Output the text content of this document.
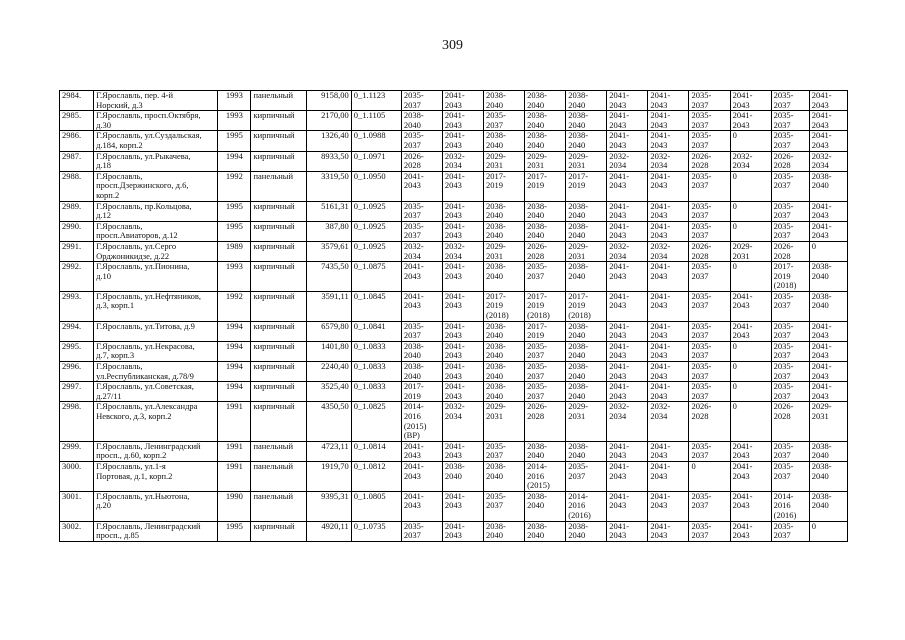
309
2984.	Г.Ярославль, пер. 4-й
Норский, д.3	1993	панельный	9158,00	0_1.1123	2035-
2037	2041-
2043	2038-
2040	2038-
2040	2038-
2040	2041-
2043	2041-
2043	2035-
2037	2041-
2043	2035-
2037	2041-
2043
2985.	Г.Ярославль, просп.Октября,
д.30	1993	кирпичный	2170,00	0_1.1105	2038-
2040	2041-
2043	2035-
2037	2038-
2040	2038-
2040	2041-
2043	2041-
2043	2035-
2037	2041-
2043	2035-
2037	2041-
2043
2986.	Г.Ярославль, ул.Суздальская,
д.184, корп.2	1995	кирпичный	1326,40	0_1.0988	2035-
2037	2041-
2043	2038-
2040	2038-
2040	2038-
2040	2041-
2043	2041-
2043	2035-
2037	0	2035-
2037	2041-
2043
2987.	Г.Ярославль, ул.Рыкачева,
д.18	1994	кирпичный	8933,50	0_1.0971	2026-
2028	2032-
2034	2029-
2031	2029-
2031	2029-
2031	2032-
2034	2032-
2034	2026-
2028	2032-
2034	2026-
2028	2032-
2034
2988.	Г.Ярославль,
просп.Дзержинского, д.6,
корп.2	1992	панельный	3319,50	0_1.0950	2041-
2043	2041-
2043	2017-
2019	2017-
2019	2017-
2019	2041-
2043	2041-
2043	2035-
2037	0	2035-
2037	2038-
2040
2989.	Г.Ярославль, пр.Кольцова,
д.12	1995	кирпичный	5161,31	0_1.0925	2035-
2037	2041-
2043	2038-
2040	2038-
2040	2038-
2040	2041-
2043	2041-
2043	2035-
2037	0	2035-
2037	2041-
2043
2990.	Г.Ярославль,
просп.Авиаторов, д.12	1995	кирпичный	387,80	0_1.0925	2035-
2037	2041-
2043	2038-
2040	2038-
2040	2038-
2040	2041-
2043	2041-
2043	2035-
2037	0	2035-
2037	2041-
2043
2991.	Г.Ярославль, ул.Серго
Орджоникидзе, д.22	1989	кирпичный	3579,61	0_1.0925	2032-
2034	2032-
2034	2029-
2031	2026-
2028	2029-
2031	2032-
2034	2032-
2034	2026-
2028	2029-
2031	2026-
2028	0
2992.	Г.Ярославль, ул.Пионина,
д.10	1993	кирпичный	7435,50	0_1.0875	2041-
2043	2041-
2043	2038-
2040	2035-
2037	2038-
2040	2041-
2043	2041-
2043	2035-
2037	0	2017-
2019
(2018)	2038-
2040
2993.	Г.Ярославль, ул.Нефтяников,
д.3, корп.1	1992	кирпичный	3591,11	0_1.0845	2041-
2043	2041-
2043	2017-
2019
(2018)	2017-
2019
(2018)	2017-
2019
(2018)	2041-
2043	2041-
2043	2035-
2037	2041-
2043	2035-
2037	2038-
2040
2994.	Г.Ярославль, ул.Титова, д.9	1994	кирпичный	6579,80	0_1.0841	2035-
2037	2041-
2043	2038-
2040	2017-
2019	2038-
2040	2041-
2043	2041-
2043	2035-
2037	2041-
2043	2035-
2037	2041-
2043
2995.	Г.Ярославль, ул.Некрасова,
д.7, корп.3	1994	кирпичный	1401,80	0_1.0833	2038-
2040	2041-
2043	2038-
2040	2035-
2037	2038-
2040	2041-
2043	2041-
2043	2035-
2037	0	2035-
2037	2041-
2043
2996.	Г.Ярославль,
ул.Республиканская, д.78/9	1994	кирпичный	2240,40	0_1.0833	2038-
2040	2041-
2043	2038-
2040	2035-
2037	2038-
2040	2041-
2043	2041-
2043	2035-
2037	0	2035-
2037	2041-
2043
2997.	Г.Ярославль, ул.Советская,
д.27/11	1994	кирпичный	3525,40	0_1.0833	2017-
2019	2041-
2043	2038-
2040	2035-
2037	2038-
2040	2041-
2043	2041-
2043	2035-
2037	0	2035-
2037	2041-
2043
2998.	Г.Ярославль, ул.Александра
Невского, д.3, корп.2	1991	кирпичный	4350,50	0_1.0825	2014-
2016
(2015)
(ВР)	2032-
2034	2029-
2031	2026-
2028	2029-
2031	2032-
2034	2032-
2034	2026-
2028	0	2026-
2028	2029-
2031
2999.	Г.Ярославль, Ленинградский
просп., д.60, корп.2	1991	панельный	4723,11	0_1.0814	2041-
2043	2041-
2043	2035-
2037	2038-
2040	2038-
2040	2041-
2043	2041-
2043	2035-
2037	2041-
2043	2035-
2037	2038-
2040
3000.	Г.Ярославль, ул.1-я
Портовая, д.1, корп.2	1991	панельный	1919,70	0_1.0812	2041-
2043	2038-
2040	2038-
2040	2014-
2016
(2015)	2035-
2037	2041-
2043	2041-
2043	0	2041-
2043	2035-
2037	2038-
2040
3001.	Г.Ярославль, ул.Ньютона,
д.20	1990	панельный	9395,31	0_1.0805	2041-
2043	2041-
2043	2035-
2037	2038-
2040	2014-
2016
(2016)	2041-
2043	2041-
2043	2035-
2037	2041-
2043	2014-
2016
(2016)	2038-
2040
3002.	Г.Ярославль, Ленинградский
просп., д.85	1995	кирпичный	4920,11	0_1.0735	2035-
2037	2041-
2043	2038-
2040	2038-
2040	2038-
2040	2041-
2043	2041-
2043	2035-
2037	2041-
2043	2035-
2037	0
